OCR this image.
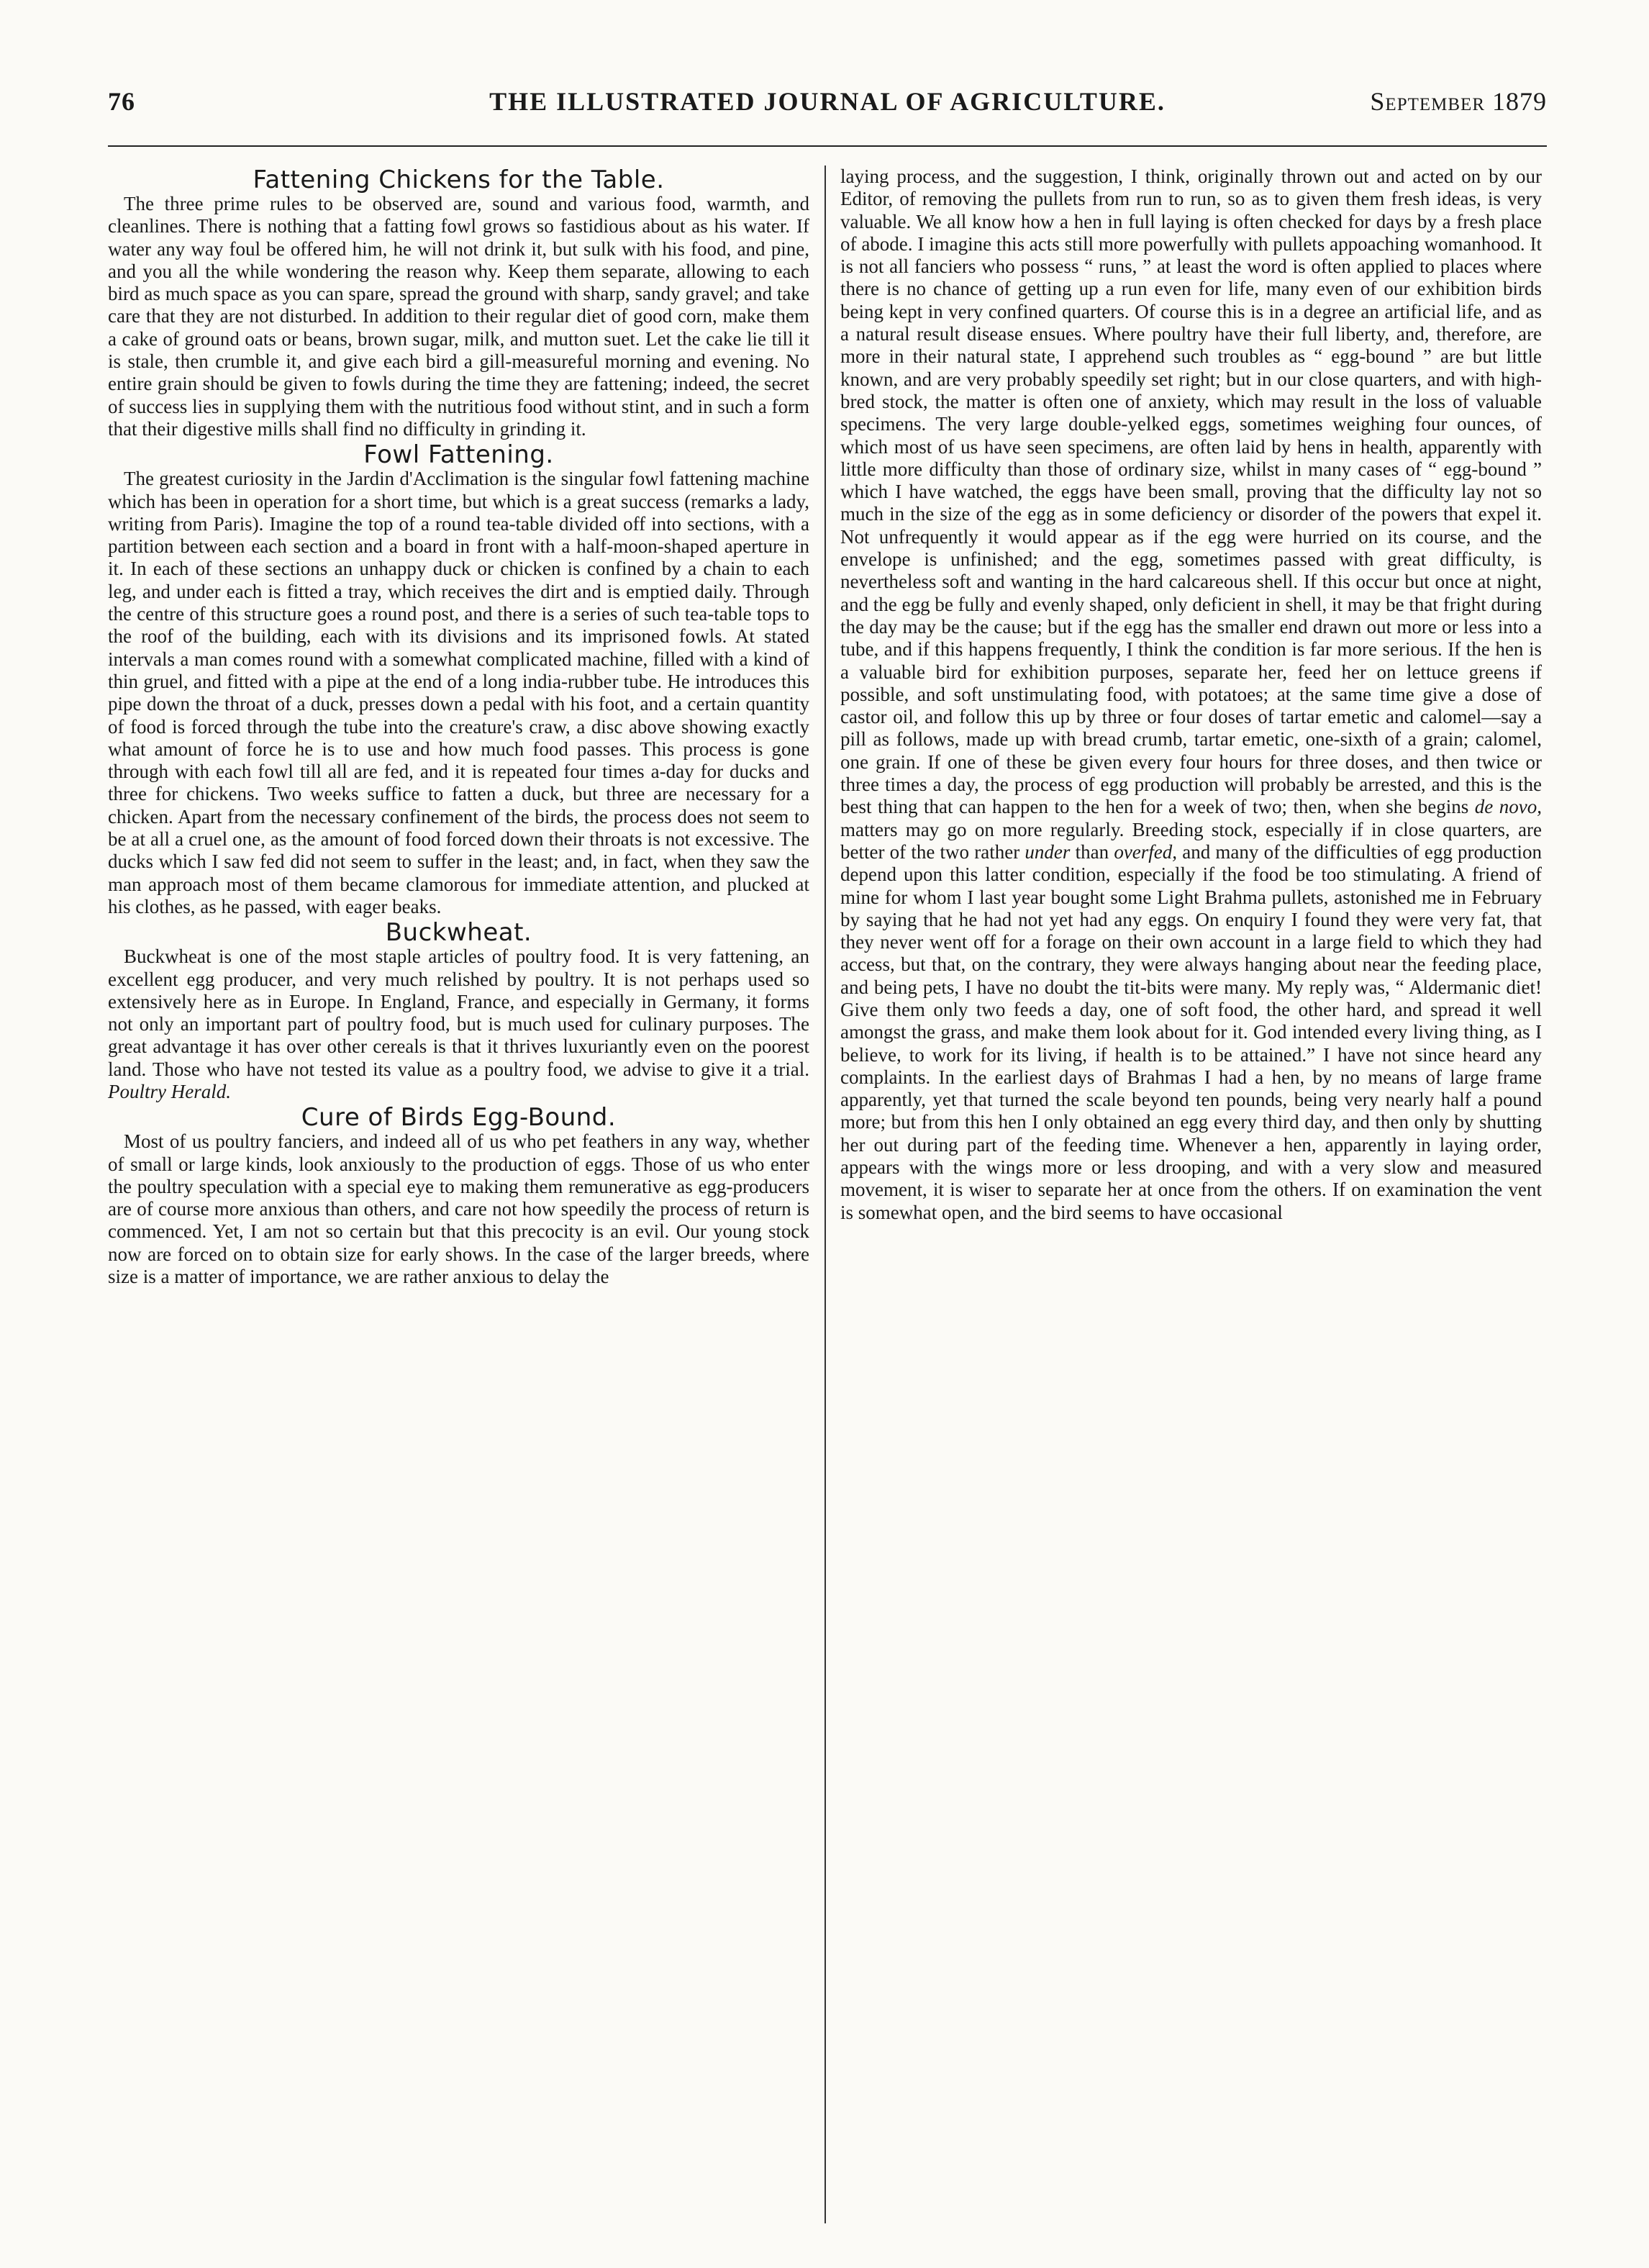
76	THE ILLUSTRATED JOURNAL OF AGRICULTURE.	September 1879
Fattening Chickens for the Table.

The three prime rules to be observed are, sound and various food, warmth, and cleanlines. There is nothing that a fatting fowl grows so fastidious about as his water. If water any way foul be offered him, he will not drink it, but sulk with his food, and pine, and you all the while wondering the reason why. Keep them separate, allowing to each bird as much space as you can spare, spread the ground with sharp, sandy gravel; and take care that they are not disturbed. In addition to their regular diet of good corn, make them a cake of ground oats or beans, brown sugar, milk, and mutton suet. Let the cake lie till it is stale, then crumble it, and give each bird a gill-measureful morning and evening. No entire grain should be given to fowls during the time they are fattening; indeed, the secret of success lies in supplying them with the nutritious food without stint, and in such a form that their digestive mills shall find no difficulty in grinding it.

Fowl Fattening.

The greatest curiosity in the Jardin d'Acclimation is the singular fowl fattening machine which has been in operation for a short time, but which is a great success (remarks a lady, writing from Paris). Imagine the top of a round tea-table divided off into sections, with a partition between each section and a board in front with a half-moon-shaped aperture in it. In each of these sections an unhappy duck or chicken is confined by a chain to each leg, and under each is fitted a tray, which receives the dirt and is emptied daily. Through the centre of this structure goes a round post, and there is a series of such tea-table tops to the roof of the building, each with its divisions and its imprisoned fowls. At stated intervals a man comes round with a somewhat complicated machine, filled with a kind of thin gruel, and fitted with a pipe at the end of a long india-rubber tube. He introduces this pipe down the throat of a duck, presses down a pedal with his foot, and a certain quantity of food is forced through the tube into the creature's craw, a disc above showing exactly what amount of force he is to use and how much food passes. This process is gone through with each fowl till all are fed, and it is repeated four times a-day for ducks and three for chickens. Two weeks suffice to fatten a duck, but three are necessary for a chicken. Apart from the necessary confinement of the birds, the process does not seem to be at all a cruel one, as the amount of food forced down their throats is not excessive. The ducks which I saw fed did not seem to suffer in the least; and, in fact, when they saw the man approach most of them became clamorous for immediate attention, and plucked at his clothes, as he passed, with eager beaks.

Buckwheat.

Buckwheat is one of the most staple articles of poultry food. It is very fattening, an excellent egg producer, and very much relished by poultry. It is not perhaps used so extensively here as in Europe. In England, France, and especially in Germany, it forms not only an important part of poultry food, but is much used for culinary purposes. The great advantage it has over other cereals is that it thrives luxuriantly even on the poorest land. Those who have not tested its value as a poultry food, we advise to give it a trial. Poultry Herald.

Cure of Birds Egg-Bound.

Most of us poultry fanciers, and indeed all of us who pet feathers in any way, whether of small or large kinds, look anxiously to the production of eggs. Those of us who enter the poultry speculation with a special eye to making them remunerative as egg-producers are of course more anxious than others, and care not how speedily the process of return is commenced. Yet, I am not so certain but that this precocity is an evil. Our young stock now are forced on to obtain size for early shows. In the case of the larger breeds, where size is a matter of importance, we are rather anxious to delay the

laying process, and the suggestion, I think, originally thrown out and acted on by our Editor, of removing the pullets from run to run, so as to given them fresh ideas, is very valuable. We all know how a hen in full laying is often checked for days by a fresh place of abode. I imagine this acts still more powerfully with pullets appoaching womanhood. It is not all fanciers who possess “ runs, ” at least the word is often applied to places where there is no chance of getting up a run even for life, many even of our exhibition birds being kept in very confined quarters. Of course this is in a degree an artificial life, and as a natural result disease ensues. Where poultry have their full liberty, and, therefore, are more in their natural state, I apprehend such troubles as “ egg-bound ” are but little known, and are very probably speedily set right; but in our close quarters, and with high-bred stock, the matter is often one of anxiety, which may result in the loss of valuable specimens. The very large double-yelked eggs, sometimes weighing four ounces, of which most of us have seen specimens, are often laid by hens in health, apparently with little more difficulty than those of ordinary size, whilst in many cases of “ egg-bound ” which I have watched, the eggs have been small, proving that the difficulty lay not so much in the size of the egg as in some deficiency or disorder of the powers that expel it. Not unfrequently it would appear as if the egg were hurried on its course, and the envelope is unfinished; and the egg, sometimes passed with great difficulty, is nevertheless soft and wanting in the hard calcareous shell. If this occur but once at night, and the egg be fully and evenly shaped, only deficient in shell, it may be that fright during the day may be the cause; but if the egg has the smaller end drawn out more or less into a tube, and if this happens frequently, I think the condition is far more serious. If the hen is a valuable bird for exhibition purposes, separate her, feed her on lettuce greens if possible, and soft unstimulating food, with potatoes; at the same time give a dose of castor oil, and follow this up by three or four doses of tartar emetic and calomel—say a pill as follows, made up with bread crumb, tartar emetic, one-sixth of a grain; calomel, one grain. If one of these be given every four hours for three doses, and then twice or three times a day, the process of egg production will probably be arrested, and this is the best thing that can happen to the hen for a week of two; then, when she begins de novo, matters may go on more regularly. Breeding stock, especially if in close quarters, are better of the two rather under than overfed, and many of the difficulties of egg production depend upon this latter condition, especially if the food be too stimulating. A friend of mine for whom I last year bought some Light Brahma pullets, astonished me in February by saying that he had not yet had any eggs. On enquiry I found they were very fat, that they never went off for a forage on their own account in a large field to which they had access, but that, on the contrary, they were always hanging about near the feeding place, and being pets, I have no doubt the tit-bits were many. My reply was, “ Aldermanic diet! Give them only two feeds a day, one of soft food, the other hard, and spread it well amongst the grass, and make them look about for it. God intended every living thing, as I believe, to work for its living, if health is to be attained.” I have not since heard any complaints. In the earliest days of Brahmas I had a hen, by no means of large frame apparently, yet that turned the scale beyond ten pounds, being very nearly half a pound more; but from this hen I only obtained an egg every third day, and then only by shutting her out during part of the feeding time. Whenever a hen, apparently in laying order, appears with the wings more or less drooping, and with a very slow and measured movement, it is wiser to separate her at once from the others. If on examination the vent is somewhat open, and the bird seems to have occasional
